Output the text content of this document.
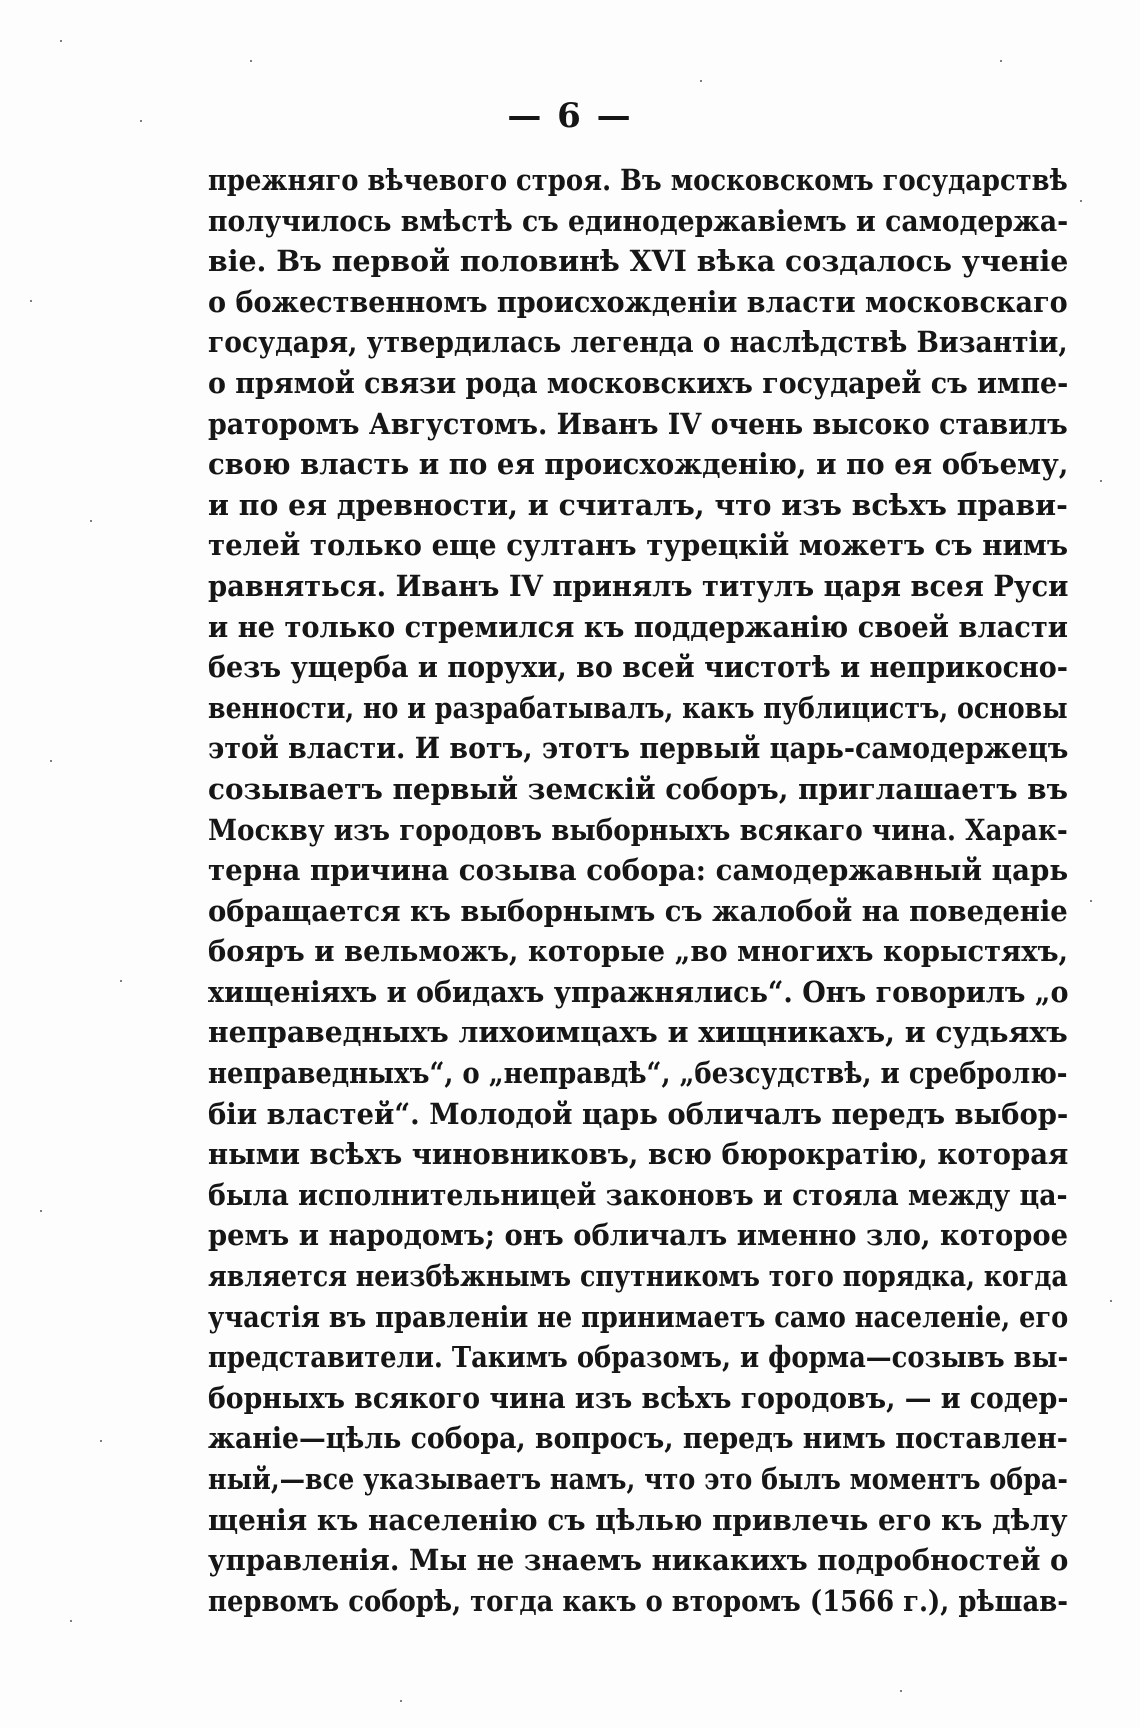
— 6 —
прежняго вѣчевого строя. Въ московскомъ государствѣ
получилось вмѣстѣ съ единодержавіемъ и самодержа-
віе. Въ первой половинѣ XVI вѣка создалось ученіе
о божественномъ происхожденіи власти московскаго
государя, утвердилась легенда о наслѣдствѣ Византіи,
о прямой связи рода московскихъ государей съ импе-
раторомъ Августомъ. Иванъ IV очень высоко ставилъ
свою власть и по ея происхожденію, и по ея объему,
и по ея древности, и считалъ, что изъ всѣхъ прави-
телей только еще султанъ турецкій можетъ съ нимъ
равняться. Иванъ IV принялъ титулъ царя всея Руси
и не только стремился къ поддержанію своей власти
безъ ущерба и порухи, во всей чистотѣ и неприкосно-
венности, но и разрабатывалъ, какъ публицистъ, основы
этой власти. И вотъ, этотъ первый царь-самодержецъ
созываетъ первый земскій соборъ, приглашаетъ въ
Москву изъ городовъ выборныхъ всякаго чина. Харак-
терна причина созыва собора: самодержавный царь
обращается къ выборнымъ съ жалобой на поведеніе
бояръ и вельможъ, которые „во многихъ корыстяхъ,
хищеніяхъ и обидахъ упражнялись“. Онъ говорилъ „о
неправедныхъ лихоимцахъ и хищникахъ, и судьяхъ
неправедныхъ“, о „неправдѣ“, „безсудствѣ, и сребролю-
біи властей“. Молодой царь обличалъ передъ выбор-
ными всѣхъ чиновниковъ, всю бюрократію, которая
была исполнительницей законовъ и стояла между ца-
ремъ и народомъ; онъ обличалъ именно зло, которое
является неизбѣжнымъ спутникомъ того порядка, когда
участія въ правленіи не принимаетъ само населеніе, его
представители. Такимъ образомъ, и форма—созывъ вы-
борныхъ всякого чина изъ всѣхъ городовъ, — и содер-
жаніе—цѣль собора, вопросъ, передъ нимъ поставлен-
ный,—все указываетъ намъ, что это былъ моментъ обра-
щенія къ населенію съ цѣлью привлечь его къ дѣлу
управленія. Мы не знаемъ никакихъ подробностей о
первомъ соборѣ, тогда какъ о второмъ (1566 г.), рѣшав-
